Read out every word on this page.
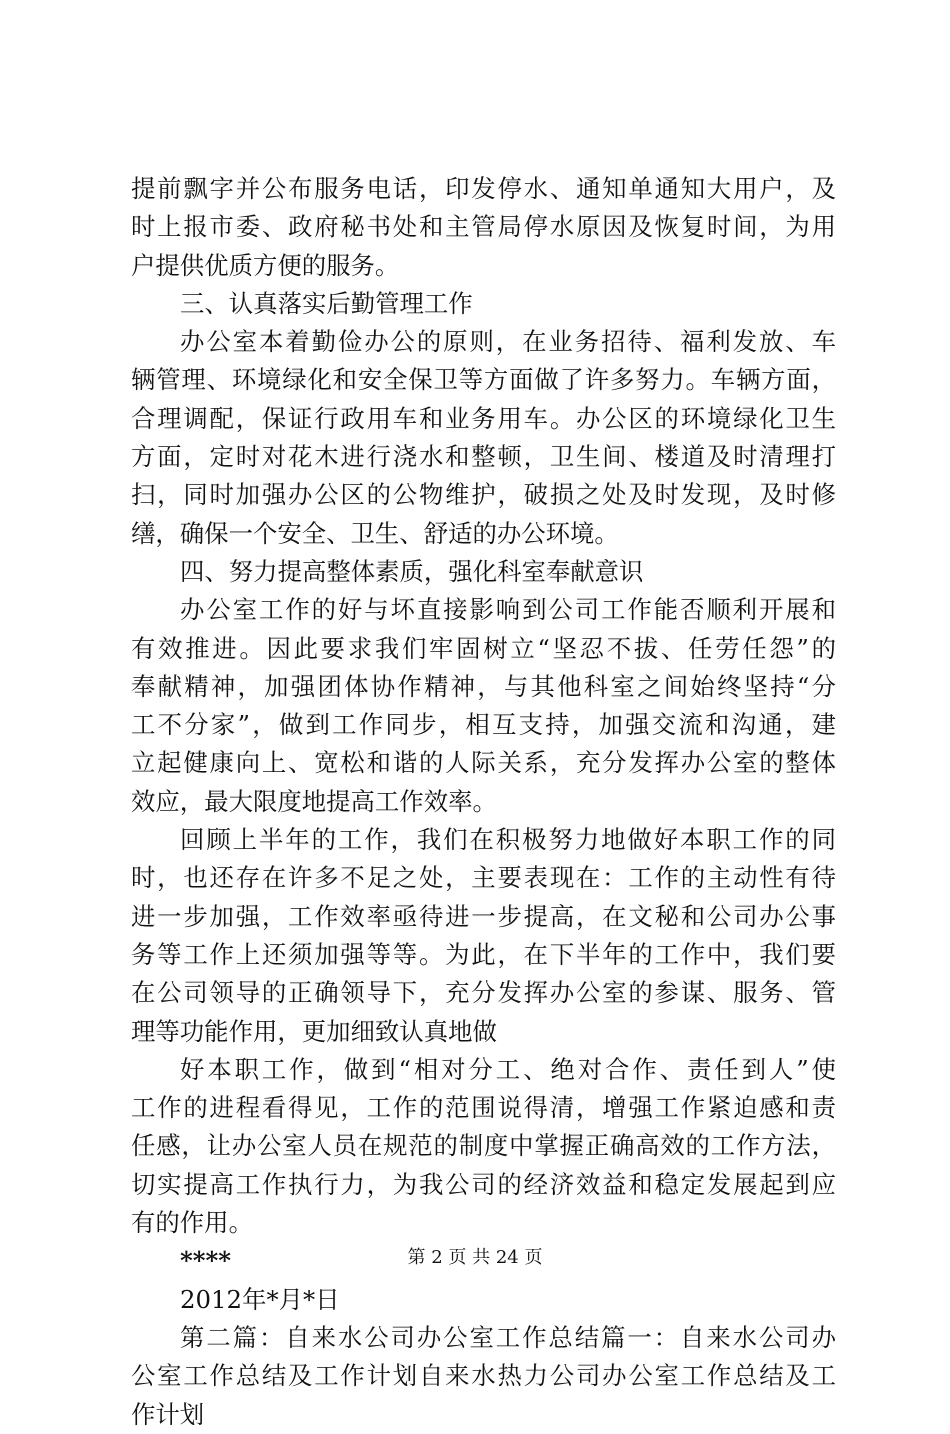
提前飘字并公布服务电话，印发停水、通知单通知大用户，及
时上报市委、政府秘书处和主管局停水原因及恢复时间，为用
户提供优质方便的服务。
三、认真落实后勤管理工作
办公室本着勤俭办公的原则，在业务招待、福利发放、车
辆管理、环境绿化和安全保卫等方面做了许多努力。车辆方面，
合理调配，保证行政用车和业务用车。办公区的环境绿化卫生
方面，定时对花木进行浇水和整顿，卫生间、楼道及时清理打
扫，同时加强办公区的公物维护，破损之处及时发现，及时修
缮，确保一个安全、卫生、舒适的办公环境。
四、努力提高整体素质，强化科室奉献意识
办公室工作的好与坏直接影响到公司工作能否顺利开展和
有效推进。因此要求我们牢固树立“坚忍不拔、任劳任怨”的
奉献精神，加强团体协作精神，与其他科室之间始终坚持“分
工不分家”，做到工作同步，相互支持，加强交流和沟通，建
立起健康向上、宽松和谐的人际关系，充分发挥办公室的整体
效应，最大限度地提高工作效率。
回顾上半年的工作，我们在积极努力地做好本职工作的同
时，也还存在许多不足之处，主要表现在：工作的主动性有待
进一步加强，工作效率亟待进一步提高，在文秘和公司办公事
务等工作上还须加强等等。为此，在下半年的工作中，我们要
在公司领导的正确领导下，充分发挥办公室的参谋、服务、管
理等功能作用，更加细致认真地做
好本职工作，做到“相对分工、绝对合作、责任到人”使
工作的进程看得见，工作的范围说得清，增强工作紧迫感和责
任感，让办公室人员在规范的制度中掌握正确高效的工作方法，
切实提高工作执行力，为我公司的经济效益和稳定发展起到应
有的作用。
****
2012年*月*日
第二篇：自来水公司办公室工作总结篇一：自来水公司办
公室工作总结及工作计划自来水热力公司办公室工作总结及工
作计划
第 2 页 共 24 页
